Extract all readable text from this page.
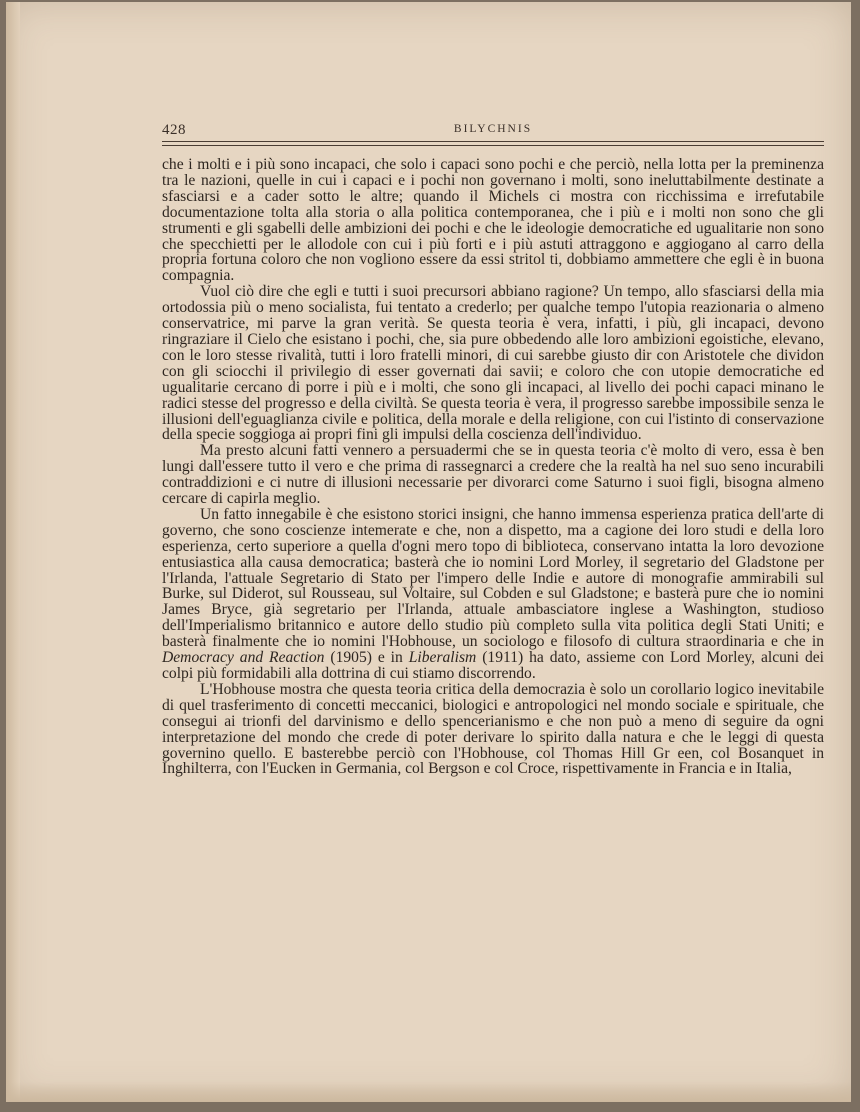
428	BILYCHNIS

che i molti e i più sono incapaci, che solo i capaci sono pochi e che perciò, nella lotta per la preminenza tra le nazioni, quelle in cui i capaci e i pochi non governano i molti, sono ineluttabilmente destinate a sfasciarsi e a cader sotto le altre; quando il Michels ci mostra con ricchissima e irrefutabile documentazione tolta alla storia o alla politica contemporanea, che i più e i molti non sono che gli strumenti e gli sgabelli delle ambizioni dei pochi e che le ideologie democratiche ed ugualitarie non sono che specchietti per le allodole con cui i più forti e i più astuti attraggono e aggiogano al carro della propria fortuna coloro che non vogliono essere da essi stritol ti, dobbiamo ammettere che egli è in buona compagnia.

Vuol ciò dire che egli e tutti i suoi precursori abbiano ragione? Un tempo, allo sfasciarsi della mia ortodossia più o meno socialista, fui tentato a crederlo; per qualche tempo l'utopia reazionaria o almeno conservatrice, mi parve la gran verità. Se questa teoria è vera, infatti, i più, gli incapaci, devono ringraziare il Cielo che esistano i pochi, che, sia pure obbedendo alle loro ambizioni egoistiche, elevano, con le loro stesse rivalità, tutti i loro fratelli minori, di cui sarebbe giusto dir con Aristotele che dividon con gli sciocchi il privilegio di esser governati dai savii; e coloro che con utopie democratiche ed ugualitarie cercano di porre i più e i molti, che sono gli incapaci, al livello dei pochi capaci minano le radici stesse del progresso e della civiltà. Se questa teoria è vera, il progresso sarebbe impossibile senza le illusioni dell'eguaglianza civile e politica, della morale e della religione, con cui l'istinto di conservazione della specie soggioga ai propri fini gli impulsi della coscienza dell'individuo.

Ma presto alcuni fatti vennero a persuadermi che se in questa teoria c'è molto di vero, essa è ben lungi dall'essere tutto il vero e che prima di rassegnarci a credere che la realtà ha nel suo seno incurabili contraddizioni e ci nutre di illusioni necessarie per divorarci come Saturno i suoi figli, bisogna almeno cercare di capirla meglio.

Un fatto innegabile è che esistono storici insigni, che hanno immensa esperienza pratica dell'arte di governo, che sono coscienze intemerate e che, non a dispetto, ma a cagione dei loro studi e della loro esperienza, certo superiore a quella d'ogni mero topo di biblioteca, conservano intatta la loro devozione entusiastica alla causa democratica; basterà che io nomini Lord Morley, il segretario del Gladstone per l'Irlanda, l'attuale Segretario di Stato per l'impero delle Indie e autore di monografie ammirabili sul Burke, sul Diderot, sul Rousseau, sul Voltaire, sul Cobden e sul Gladstone; e basterà pure che io nomini James Bryce, già segretario per l'Irlanda, attuale ambasciatore inglese a Washington, studioso dell'Imperialismo britannico e autore dello studio più completo sulla vita politica degli Stati Uniti; e basterà finalmente che io nomini l'Hobhouse, un sociologo e filosofo di cultura straordinaria e che in Democracy and Reaction (1905) e in Liberalism (1911) ha dato, assieme con Lord Morley, alcuni dei colpi più formidabili alla dottrina di cui stiamo discorrendo.

L'Hobhouse mostra che questa teoria critica della democrazia è solo un corollario logico inevitabile di quel trasferimento di concetti meccanici, biologici e antropologici nel mondo sociale e spirituale, che consegui ai trionfi del darvinismo e dello spencerianismo e che non può a meno di seguire da ogni interpretazione del mondo che crede di poter derivare lo spirito dalla natura e che le leggi di questa governino quello. E basterebbe perciò con l'Hobhouse, col Thomas Hill Gr een, col Bosanquet in Inghilterra, con l'Eucken in Germania, col Bergson e col Croce, rispettivamente in Francia e in Italia,
